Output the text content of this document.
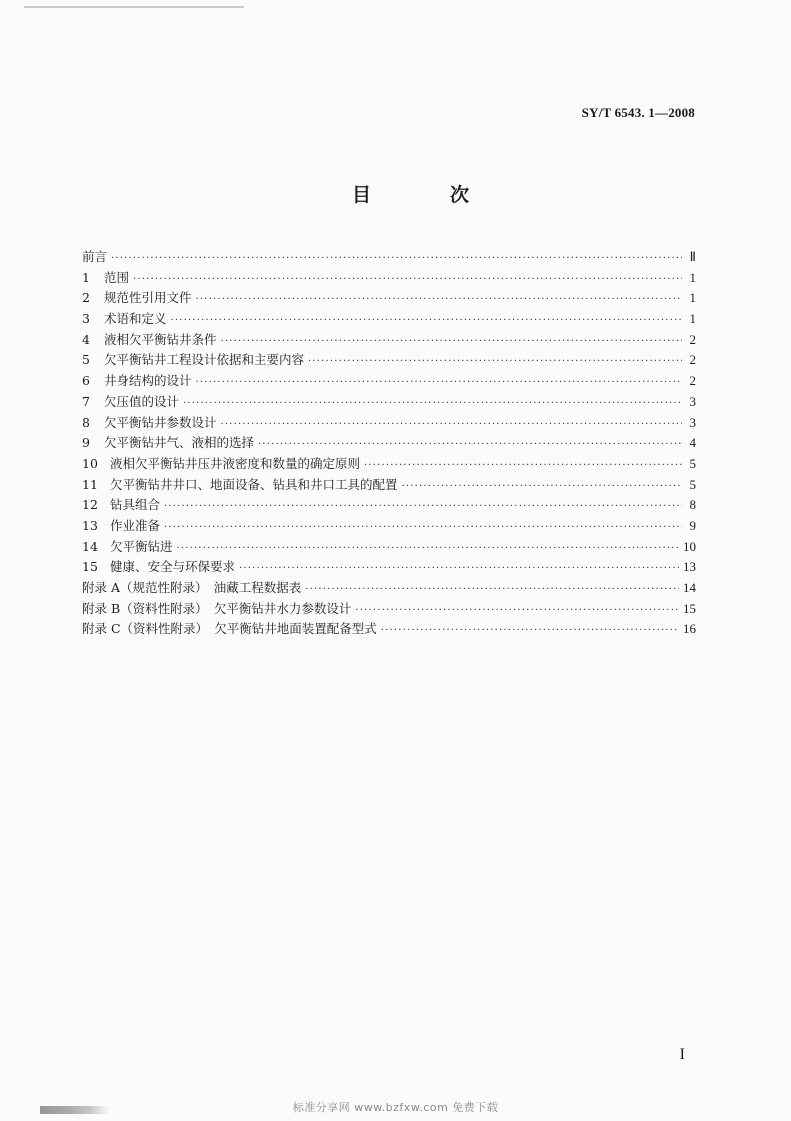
SY/T 6543. 1—2008
目　次
前言 ·····	Ⅱ
1	范围 ·····	1
2	规范性引用文件 ·····	1
3	术语和定义 ·····	1
4	液相欠平衡钻井条件 ·····	2
5	欠平衡钻井工程设计依据和主要内容 ·····	2
6	井身结构的设计 ·····	2
7	欠压值的设计 ·····	3
8	欠平衡钻井参数设计 ·····	3
9	欠平衡钻井气、液相的选择 ·····	4
10 液相欠平衡钻井压井液密度和数量的确定原则 ·····	5
11 欠平衡钻井井口、地面设备、钻具和井口工具的配置 ·····	5
12 钻具组合 ·····	8
13 作业准备 ·····	9
14 欠平衡钻进 ·····	10
15 健康、安全与环保要求 ·····	13
附录 A（规范性附录）　油藏工程数据表 ·····	14
附录 B（资料性附录）　欠平衡钻井水力参数设计 ·····	15
附录 C（资料性附录）　欠平衡钻井地面装置配备型式 ·····	16
I
标准分享网 www.bzfxw.com 免费下载
